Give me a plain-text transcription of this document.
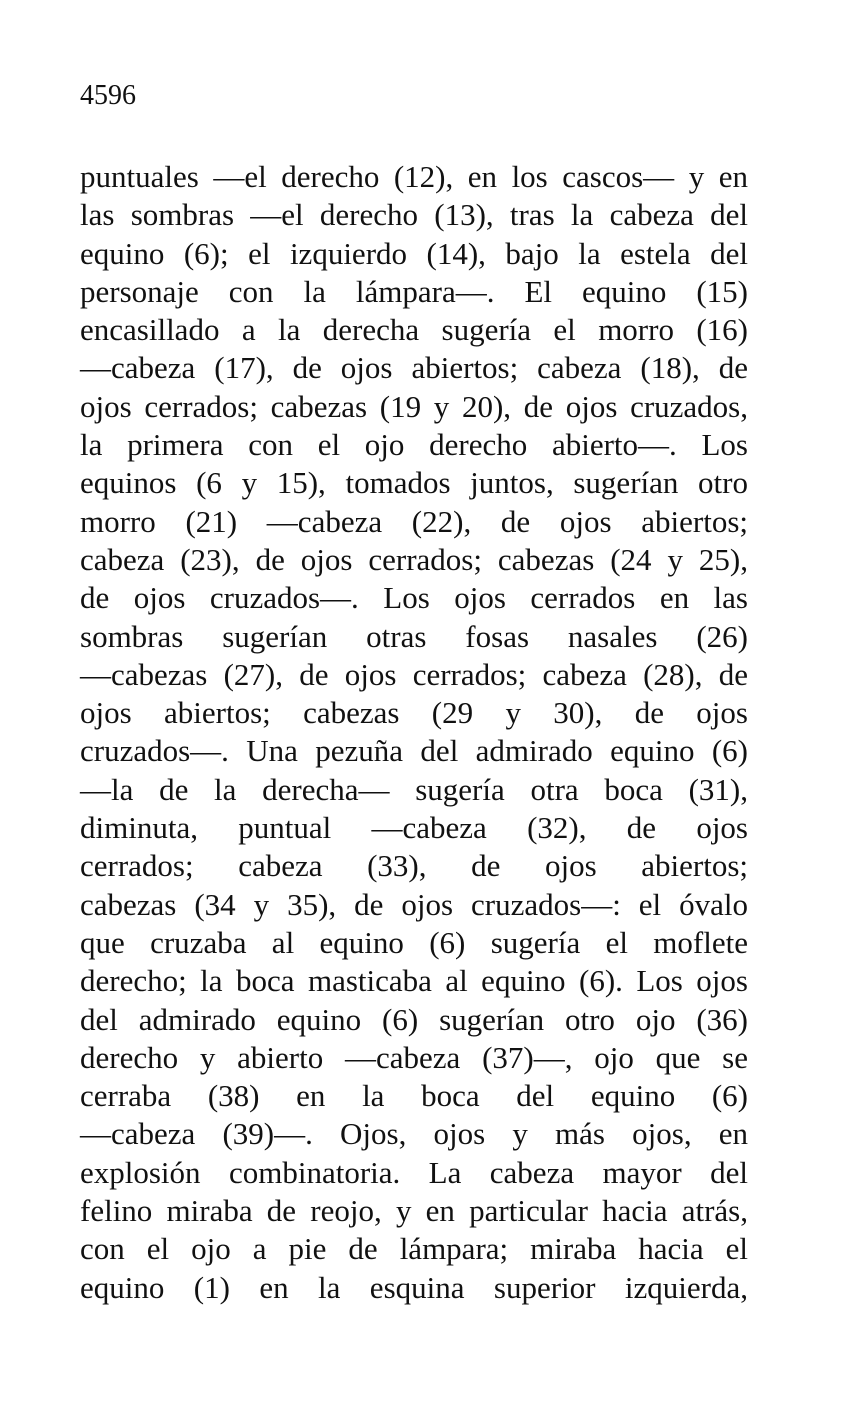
4596
puntuales —el derecho (12), en los cascos— y en
las sombras —el derecho (13), tras la cabeza del
equino (6); el izquierdo (14), bajo la estela del
personaje con la lámpara—. El equino (15)
encasillado a la derecha sugería el morro (16)
—cabeza (17), de ojos abiertos; cabeza (18), de
ojos cerrados; cabezas (19 y 20), de ojos cruzados,
la primera con el ojo derecho abierto—. Los
equinos (6 y 15), tomados juntos, sugerían otro
morro (21) —cabeza (22), de ojos abiertos;
cabeza (23), de ojos cerrados; cabezas (24 y 25),
de ojos cruzados—. Los ojos cerrados en las
sombras sugerían otras fosas nasales (26)
—cabezas (27), de ojos cerrados; cabeza (28), de
ojos abiertos; cabezas (29 y 30), de ojos
cruzados—. Una pezuña del admirado equino (6)
—la de la derecha— sugería otra boca (31),
diminuta, puntual —cabeza (32), de ojos
cerrados; cabeza (33), de ojos abiertos;
cabezas (34 y 35), de ojos cruzados—: el óvalo
que cruzaba al equino (6) sugería el moflete
derecho; la boca masticaba al equino (6). Los ojos
del admirado equino (6) sugerían otro ojo (36)
derecho y abierto —cabeza (37)—, ojo que se
cerraba (38) en la boca del equino (6)
—cabeza (39)—. Ojos, ojos y más ojos, en
explosión combinatoria. La cabeza mayor del
felino miraba de reojo, y en particular hacia atrás,
con el ojo a pie de lámpara; miraba hacia el
equino (1) en la esquina superior izquierda,
